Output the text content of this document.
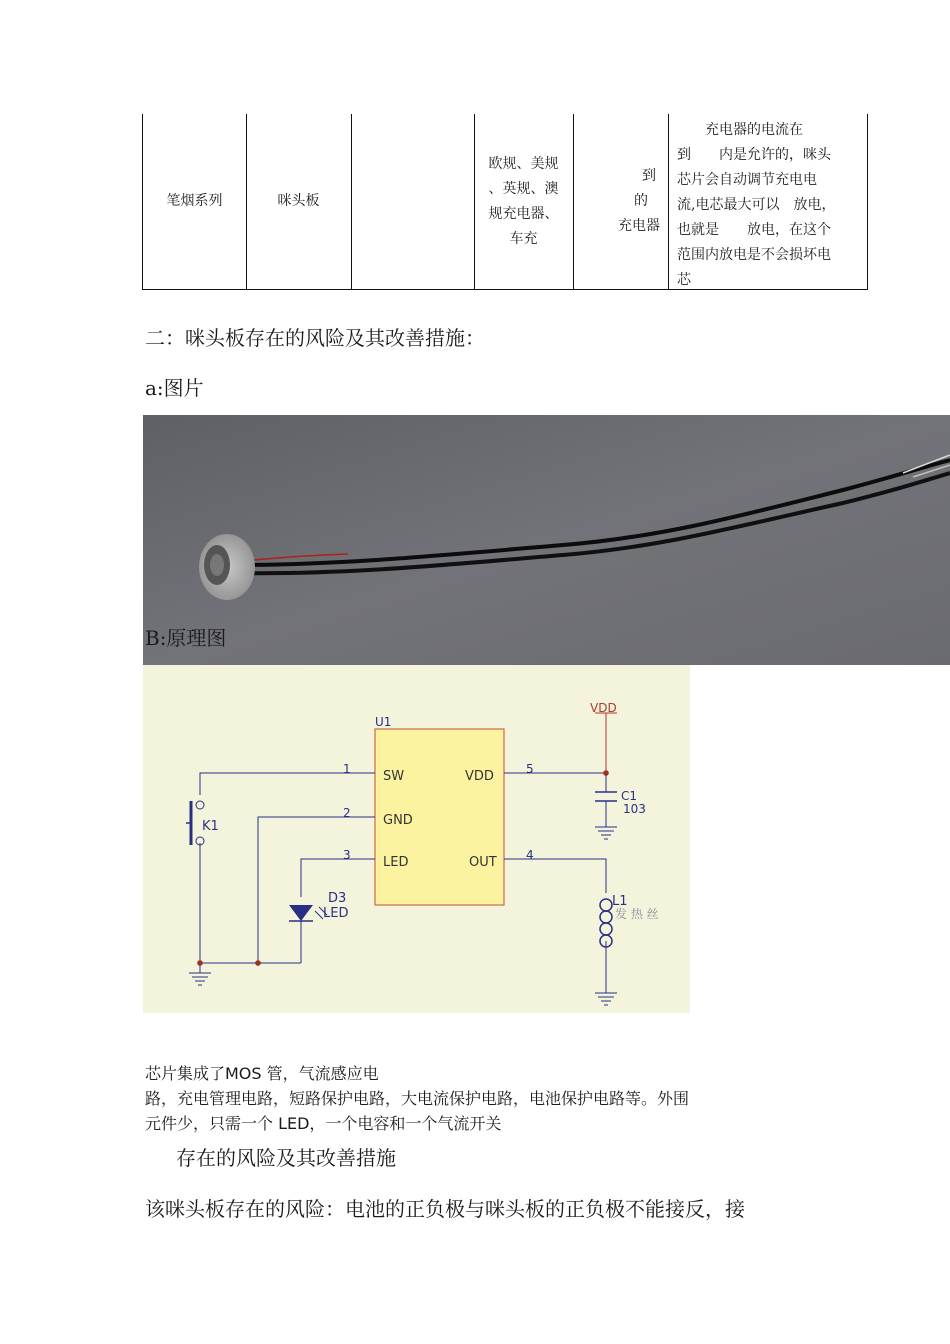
笔烟系列	咪头板
欧规、美规
、英规、澳
规充电器、
车充
到
的
充电器
充电器的电流在
到　　内是允许的，咪头
芯片会自动调节充电电
流,电芯最大可以　放电，
也就是　　放电，在这个
范围内放电是不会损坏电
芯
二：咪头板存在的风险及其改善措施：
a:图片
B:原理图
U1
SW
GND
LED
VDD
OUT
1
2
3
5
4
VDD
K1
C1
103
D3
LED
L1
发 热 丝
芯片集成了MOS 管，气流感应电
路，充电管理电路，短路保护电路，大电流保护电路，电池保护电路等。外围
元件少，只需一个 LED，一个电容和一个气流开关
存在的风险及其改善措施
该咪头板存在的风险：电池的正负极与咪头板的正负极不能接反，接
